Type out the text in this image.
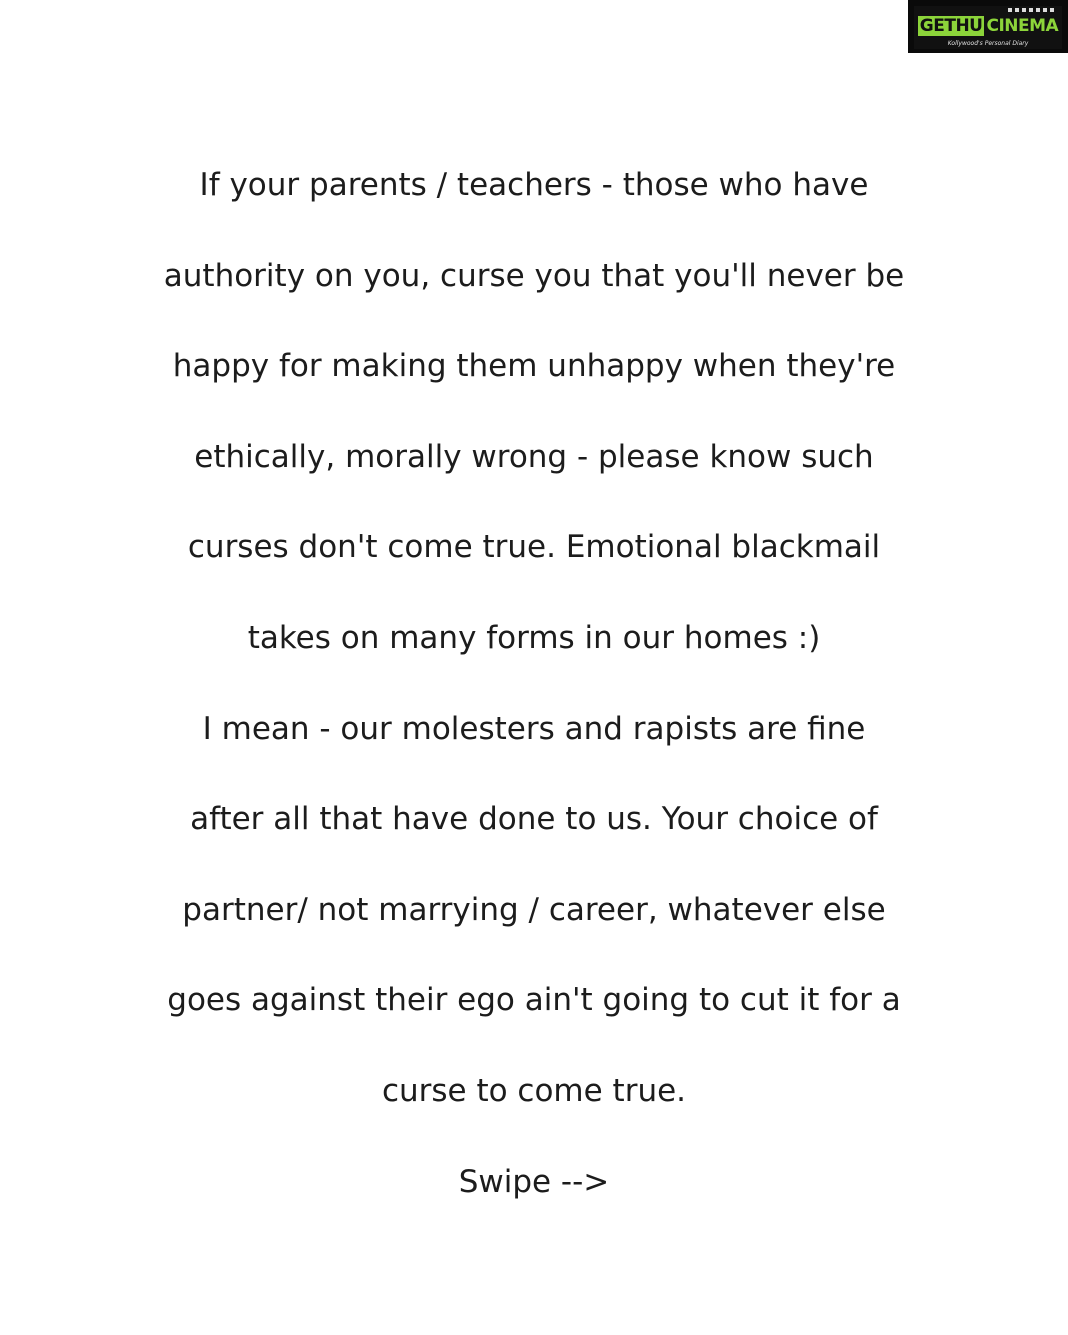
GETHU CINEMA
Kollywood's Personal Diary

If your parents / teachers - those who have

authority on you, curse you that you'll never be

happy for making them unhappy when they're

ethically, morally wrong - please know such

curses don't come true. Emotional blackmail

takes on many forms in our homes :)

I mean - our molesters and rapists are fine

after all that have done to us. Your choice of

partner/ not marrying / career, whatever else

goes against their ego ain't going to cut it for a

curse to come true.

Swipe -->
